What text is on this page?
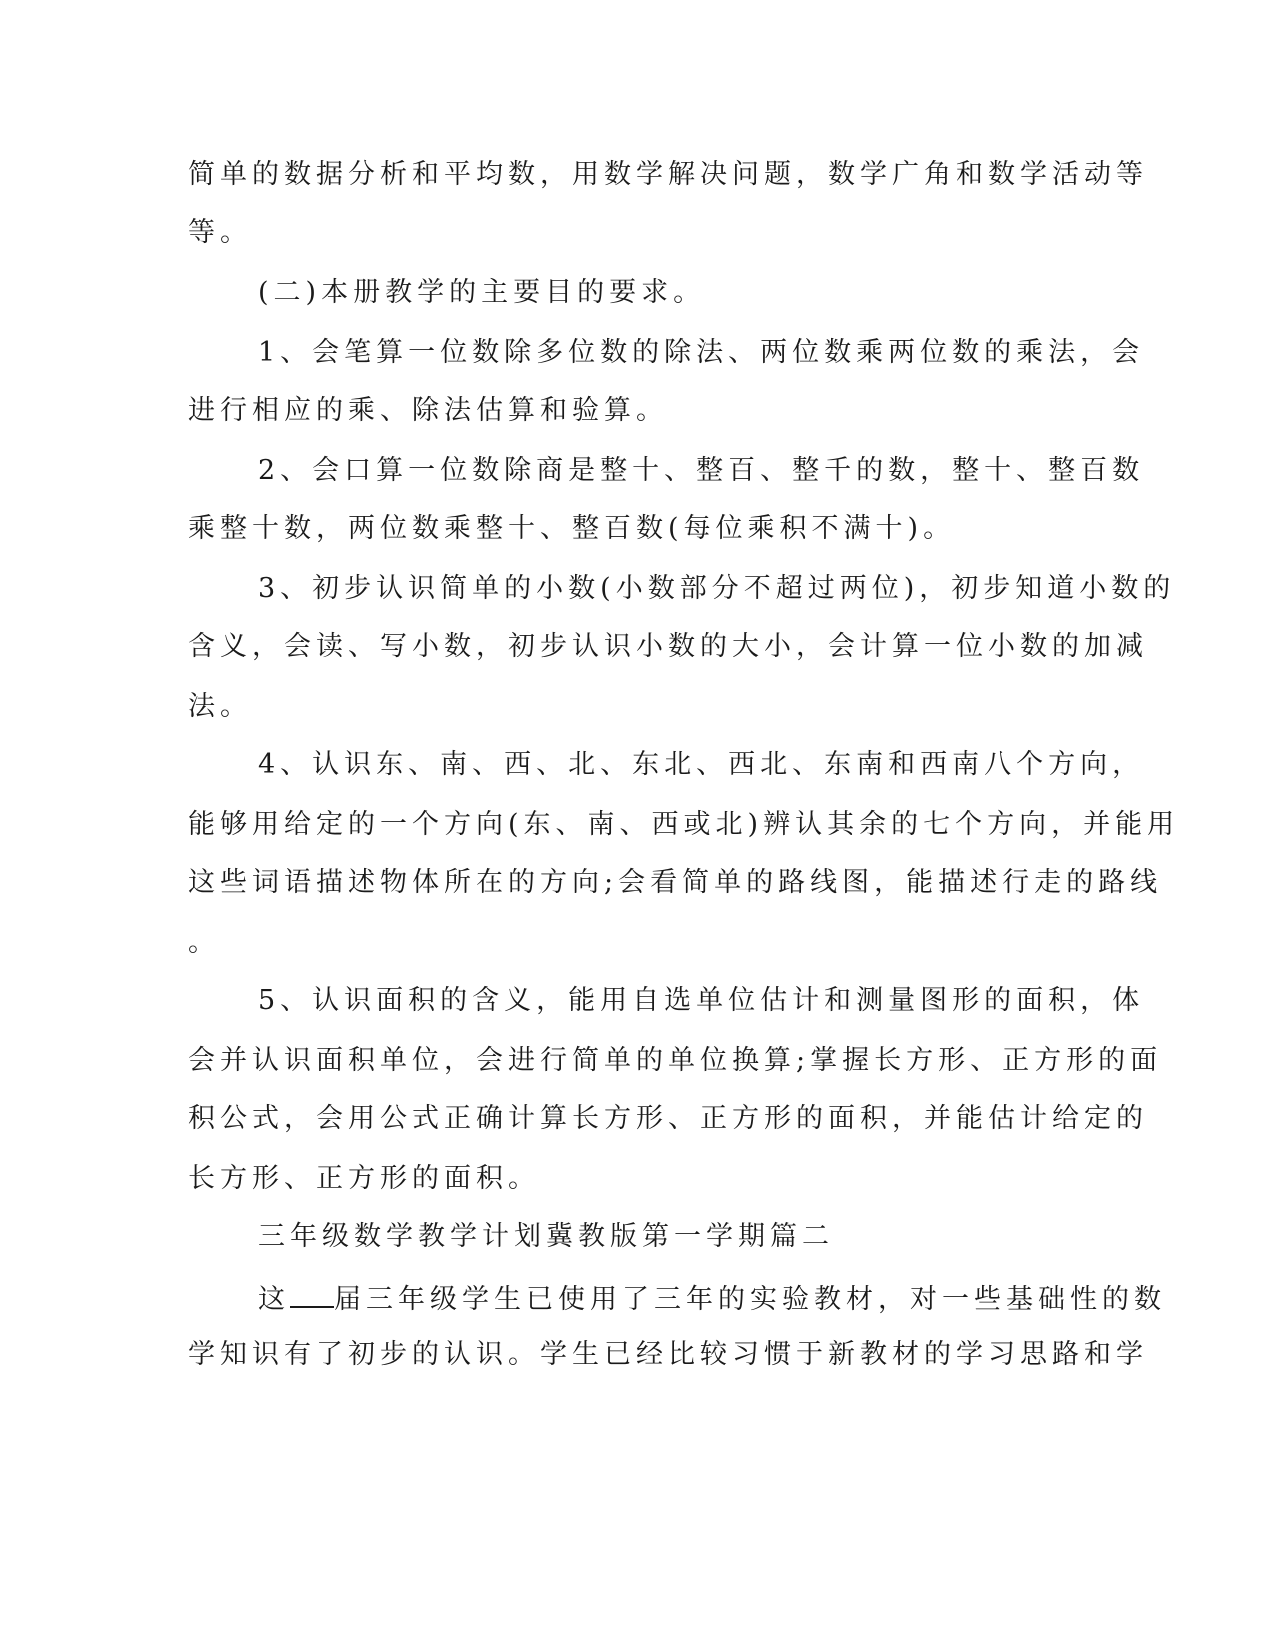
简单的数据分析和平均数，用数学解决问题，数学广角和数学活动等
等。
(二)本册教学的主要目的要求。
1、会笔算一位数除多位数的除法、两位数乘两位数的乘法，会
进行相应的乘、除法估算和验算。
2、会口算一位数除商是整十、整百、整千的数，整十、整百数
乘整十数，两位数乘整十、整百数(每位乘积不满十)。
3、初步认识简单的小数(小数部分不超过两位)，初步知道小数的
含义，会读、写小数，初步认识小数的大小，会计算一位小数的加减
法。
4、认识东、南、西、北、东北、西北、东南和西南八个方向，
能够用给定的一个方向(东、南、西或北)辨认其余的七个方向，并能用
这些词语描述物体所在的方向;会看简单的路线图，能描述行走的路线
。
5、认识面积的含义，能用自选单位估计和测量图形的面积，体
会并认识面积单位，会进行简单的单位换算;掌握长方形、正方形的面
积公式，会用公式正确计算长方形、正方形的面积，并能估计给定的
长方形、正方形的面积。
三年级数学教学计划冀教版第一学期篇二
这 届三年级学生已使用了三年的实验教材，对一些基础性的数
学知识有了初步的认识。学生已经比较习惯于新教材的学习思路和学
